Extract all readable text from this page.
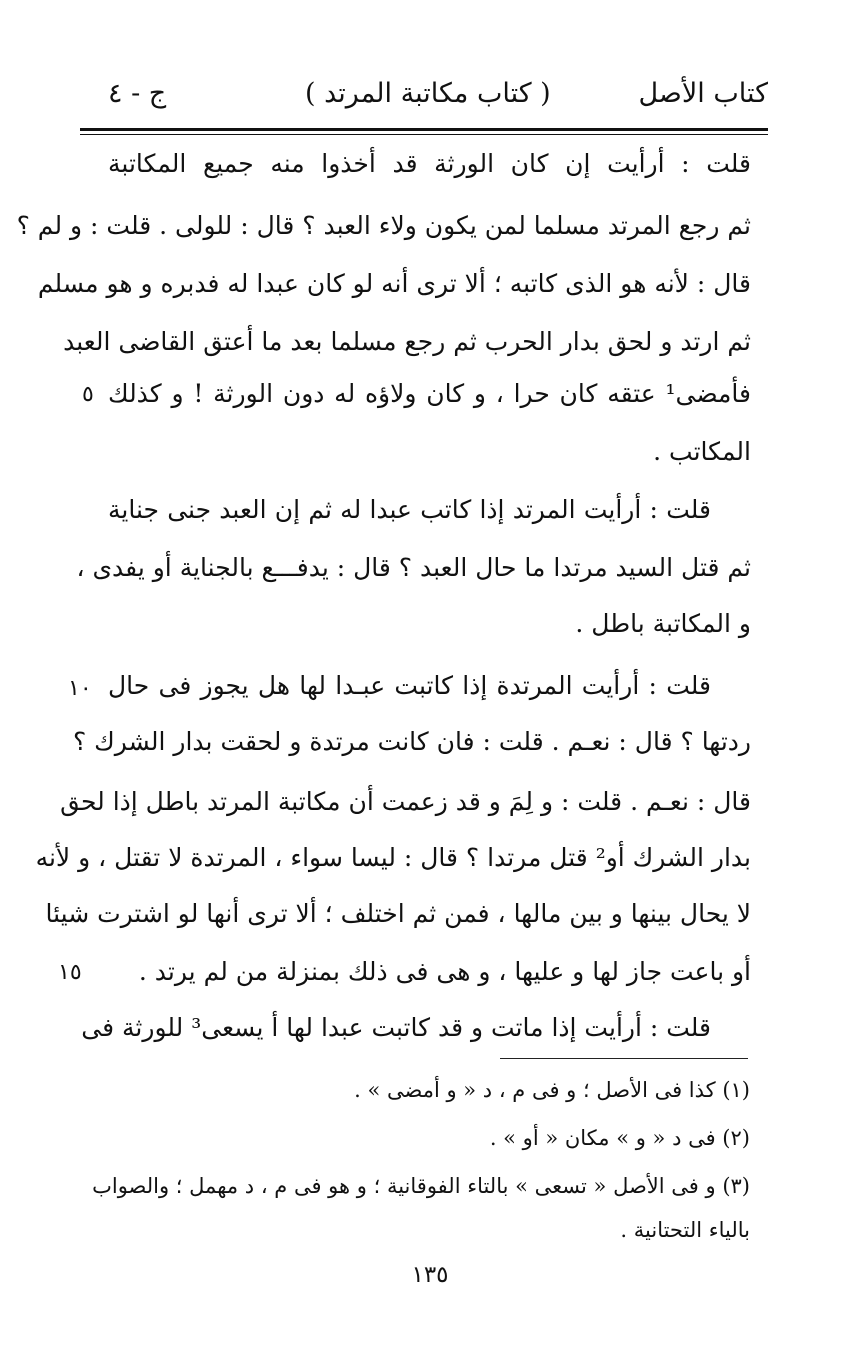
كتاب الأصل
( كتاب مكاتبة المرتد )
ج - ٤
قلت : أرأيت إن كان الورثة قد أخذوا منه جميع المكاتبة
ثم رجع المرتد مسلما لمن يكون ولاء العبد ؟ قال : للولى . قلت : و لم ؟
قال : لأنه هو الذى كاتبه ؛ ألا ترى أنه لو كان عبدا له فدبره و هو مسلم
ثم ارتد و لحق بدار الحرب ثم رجع مسلما بعد ما أعتق القاضى العبد
فأمضى¹ عتقه كان حرا ، و كان ولاؤه له دون الورثة ! و كذلك
المكاتب .
قلت : أرأيت المرتد إذا كاتب عبدا له ثم إن العبد جنى جناية
ثم قتل السيد مرتدا ما حال العبد ؟ قال : يدفـــع بالجناية أو يفدى ،
و المكاتبة باطل .
قلت : أرأيت المرتدة إذا كاتبت عبـدا لها هل يجوز فى حال
ردتها ؟ قال : نعـم . قلت : فان كانت مرتدة و لحقت بدار الشرك ؟
قال : نعـم . قلت : و لِمَ و قد زعمت أن مكاتبة المرتد باطل إذا لحق
بدار الشرك أو² قتل مرتدا ؟ قال : ليسا سواء ، المرتدة لا تقتل ، و لأنه
لا يحال بينها و بين مالها ، فمن ثم اختلف ؛ ألا ترى أنها لو اشترت شيئا
أو باعت جاز لها و عليها ، و هى فى ذلك بمنزلة من لم يرتد .
قلت : أرأيت إذا ماتت و قد كاتبت عبدا لها أ يسعى³ للورثة فى
٥
١٠
١٥
(١) كذا فى الأصل ؛ و فى م ، د « و أمضى » .
(٢) فى د « و » مكان « أو » .
(٣) و فى الأصل « تسعى » بالتاء الفوقانية ؛ و هو فى م ، د مهمل ؛ والصواب
بالياء التحتانية .
١٣٥
